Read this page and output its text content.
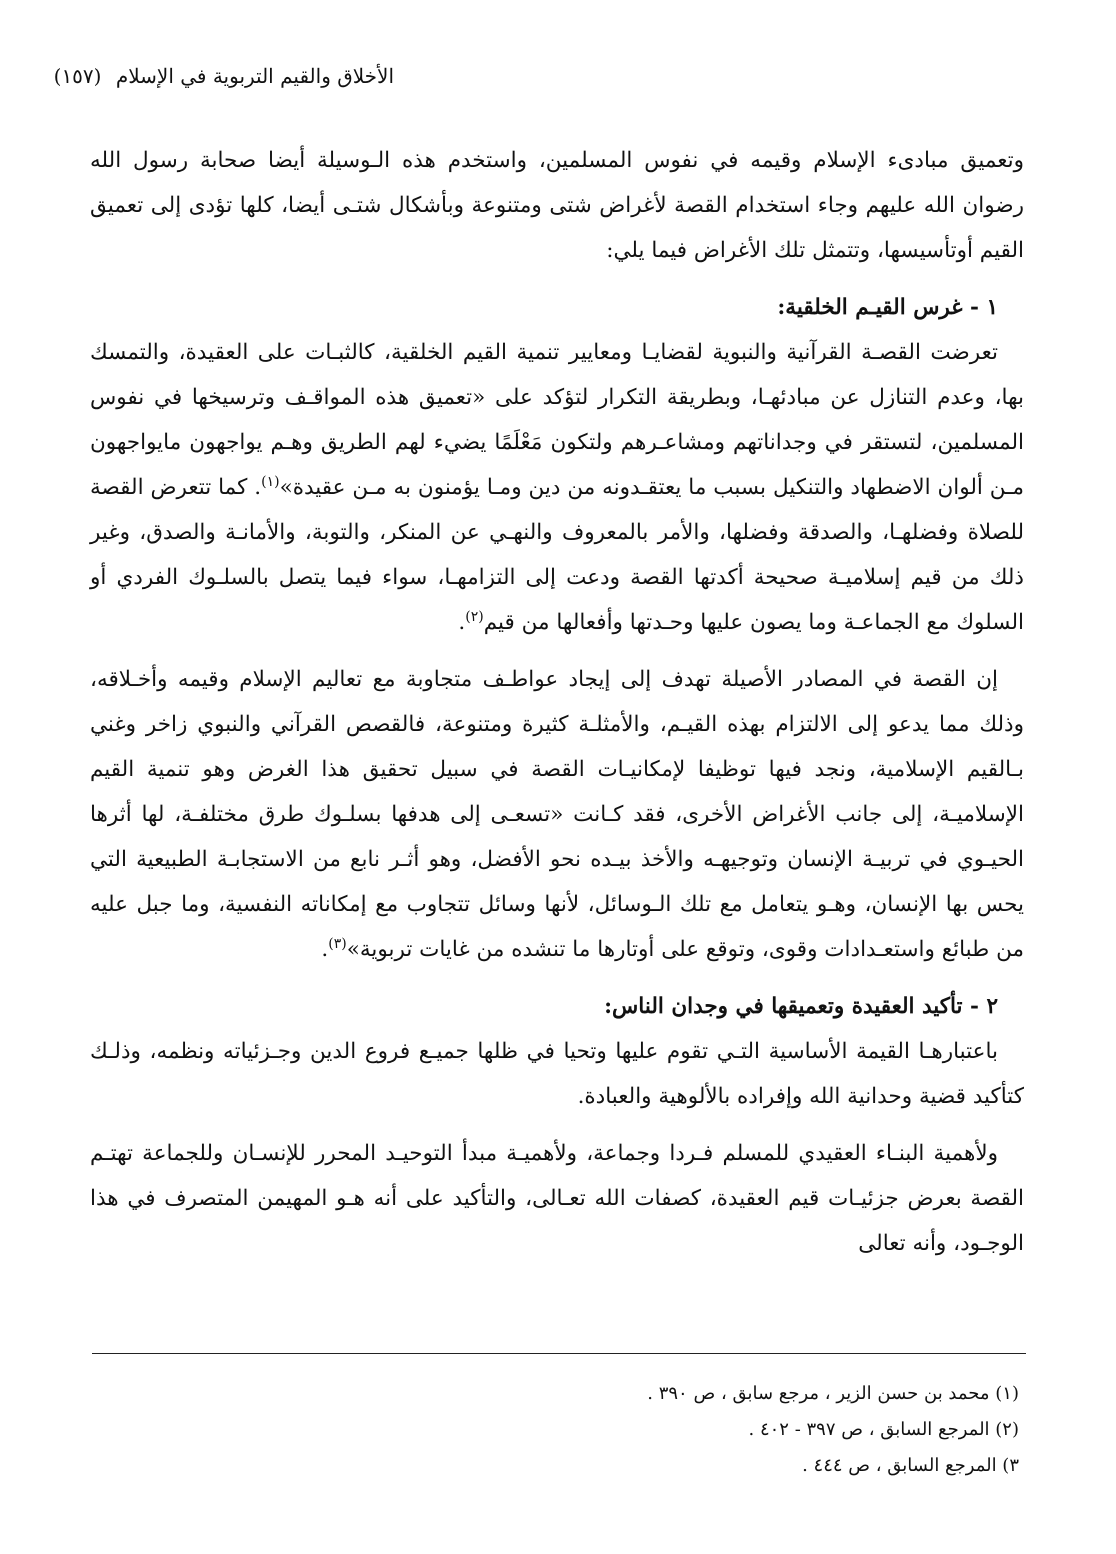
الأخلاق والقيم التربوية في الإسلام (١٥٧)

وتعميق مبادىء الإسلام وقيمه في نفوس المسلمين، واستخدم هذه الـوسيلة أيضا صحابة رسول الله رضوان الله عليهم وجاء استخدام القصة لأغراض شتى ومتنوعة وبأشكال شتـى أيضا، كلها تؤدى إلى تعميق القيم أوتأسيسها، وتتمثل تلك الأغراض فيما يلي:

١ - غرس القيـم الخلقية:

تعرضت القصـة القرآنية والنبوية لقضايـا ومعايير تنمية القيم الخلقية، كالثبـات على العقيدة، والتمسك بها، وعدم التنازل عن مبادئهـا، وبطريقة التكرار لتؤكد على «تعميق هذه المواقـف وترسيخها في نفوس المسلمين، لتستقر في وجداناتهم ومشاعـرهم ولتكون مَعْلَمًا يضيء لهم الطريق وهـم يواجهون مايواجهون مـن ألوان الاضطهاد والتنكيل بسبب ما يعتقـدونه من دين ومـا يؤمنون به مـن عقيدة»$^{(١)}$. كما تتعرض القصة للصلاة وفضلهـا، والصدقة وفضلها، والأمر بالمعروف والنهـي عن المنكر، والتوبة، والأمانـة والصدق، وغير ذلك من قيم إسلاميـة صحيحة أكدتها القصة ودعت إلى التزامهـا، سواء فيما يتصل بالسلـوك الفردي أو السلوك مع الجماعـة وما يصون عليها وحـدتها وأفعالها من قيم$^{(٢)}$.

إن القصة في المصادر الأصيلة تهدف إلى إيجاد عواطـف متجاوبة مع تعاليم الإسلام وقيمه وأخـلاقه، وذلك مما يدعو إلى الالتزام بهذه القيـم، والأمثلـة كثيرة ومتنوعة، فالقصص القرآني والنبوي زاخر وغني بـالقيم الإسلامية، ونجد فيها توظيفا لإمكانيـات القصة في سبيل تحقيق هذا الغرض وهو تنمية القيم الإسلاميـة، إلى جانب الأغراض الأخرى، فقد كـانت «تسعـى إلى هدفها بسلـوك طرق مختلفـة، لها أثرها الحيـوي في تربيـة الإنسان وتوجيهـه والأخذ بيـده نحو الأفضل، وهو أثـر نابع من الاستجابـة الطبيعية التي يحس بها الإنسان، وهـو يتعامل مع تلك الـوسائل، لأنها وسائل تتجاوب مع إمكاناته النفسية، وما جبل عليه من طبائع واستعـدادات وقوى، وتوقع على أوتارها ما تنشده من غايات تربوية»$^{(٣)}$.

٢ - تأكيد العقيدة وتعميقها في وجدان الناس:

باعتبارهـا القيمة الأساسية التـي تقوم عليها وتحيا في ظلها جميـع فروع الدين وجـزئياته ونظمه، وذلـك كتأكيد قضية وحدانية الله وإفراده بالألوهية والعبادة.

ولأهمية البنـاء العقيدي للمسلم فـردا وجماعة، ولأهميـة مبدأ التوحيـد المحرر للإنسـان وللجماعة تهتـم القصة بعرض جزئيـات قيم العقيدة، كصفات الله تعـالى، والتأكيد على أنه هـو المهيمن المتصرف في هذا الوجـود، وأنه تعالى

(١) محمد بن حسن الزير ، مرجع سابق ، ص ٣٩٠ .
(٢) المرجع السابق ، ص ٣٩٧ - ٤٠٢ .
٣) المرجع السابق ، ص ٤٤٤ .
